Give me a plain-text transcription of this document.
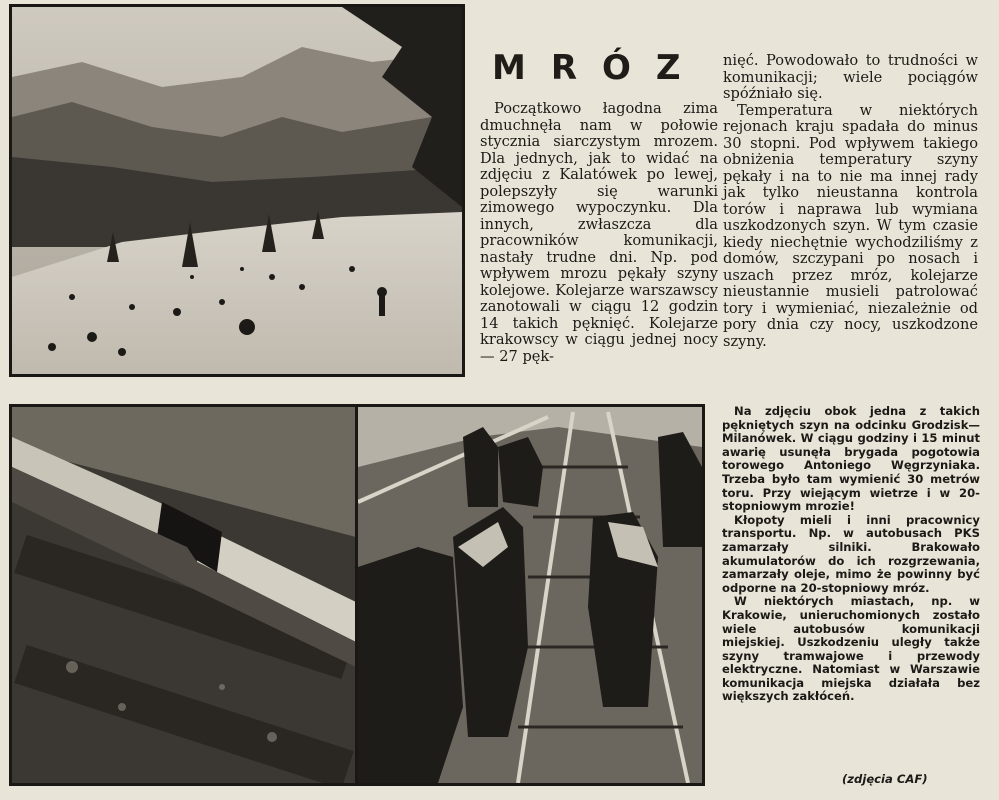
MRÓZ

Początkowo łagodna zima dmuchnęła nam w połowie stycznia siarczystym mrozem. Dla jednych, jak to widać na zdjęciu z Kalatówek po lewej, polepszyły się warunki zimowego wypoczynku. Dla innych, zwłaszcza dla pracowników komunikacji, nastały trudne dni. Np. pod wpływem mrozu pękały szyny kolejowe. Kolejarze warszawscy zanotowali w ciągu 12 godzin 14 takich pęknięć. Kolejarze krakowscy w ciągu jednej nocy — 27 pęk-

nięć. Powodowało to trudności w komunikacji; wiele pociągów spóźniało się.

Temperatura w niektórych rejonach kraju spadała do minus 30 stopni. Pod wpływem takiego obniżenia temperatury szyny pękały i na to nie ma innej rady jak tylko nieustanna kontrola torów i naprawa lub wymiana uszkodzonych szyn. W tym czasie kiedy niechętnie wychodziliśmy z domów, szczypani po nosach i uszach przez mróz, kolejarze nieustannie musieli patrolować tory i wymieniać, niezależnie od pory dnia czy nocy, uszkodzone szyny.

Na zdjęciu obok jedna z takich pękniętych szyn na odcinku Grodzisk—Milanówek. W ciągu godziny i 15 minut awarię usunęła brygada pogotowia torowego Antoniego Węgrzyniaka. Trzeba było tam wymienić 30 metrów toru. Przy wiejącym wietrze i w 20-stopniowym mrozie!

Kłopoty mieli i inni pracownicy transportu. Np. w autobusach PKS zamarzały silniki. Brakowało akumulatorów do ich rozgrzewania, zamarzały oleje, mimo że powinny być odporne na 20-stopniowy mróz.

W niektórych miastach, np. w Krakowie, unieruchomionych zostało wiele autobusów komunikacji miejskiej. Uszkodzeniu uległy także szyny tramwajowe i przewody elektryczne. Natomiast w Warszawie komunikacja miejska działała bez większych zakłóceń.

(zdjęcia CAF)
